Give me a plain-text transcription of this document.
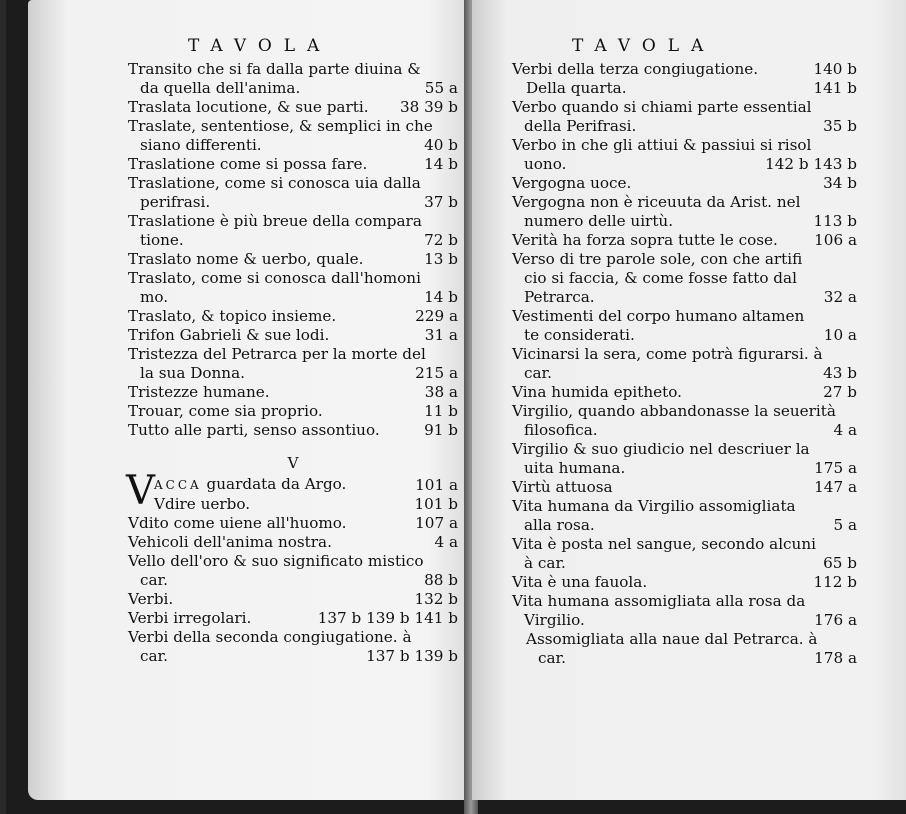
TAVOLA
Transito che si fa dalla parte diuina &
da quella dell'anima.	55 a
Traslata locutione, & sue parti.	38 39 b
Traslate, sententiose, & semplici in che
siano differenti.	40 b
Traslatione come si possa fare.	14 b
Traslatione, come si conosca uia dalla
perifrasi.	37 b
Traslatione è più breue della compara
tione.	72 b
Traslato nome & uerbo, quale.	13 b
Traslato, come si conosca dall'homoni
mo.	14 b
Traslato, & topico insieme.	229 a
Trifon Gabrieli & sue lodi.	31 a
Tristezza del Petrarca per la morte del
la sua Donna.	215 a
Tristezze humane.	38 a
Trouar, come sia proprio.	11 b
Tutto alle parti, senso assontiuo.	91 b
V
V ACCA guardata da Argo.	101 a
Vdire uerbo.	101 b
Vdito come uiene all'huomo.	107 a
Vehicoli dell'anima nostra.	4 a
Vello dell'oro & suo significato mistico
car.	88 b
Verbi.	132 b
Verbi irregolari.	137 b 139 b 141 b
Verbi della seconda congiugatione. à
car.	137 b 139 b
TAVOLA
Verbi della terza congiugatione.	140 b
Della quarta.	141 b
Verbo quando si chiami parte essential
della Perifrasi.	35 b
Verbo in che gli attiui & passiui si risol
uono.	142 b 143 b
Vergogna uoce.	34 b
Vergogna non è riceuuta da Arist. nel
numero delle uirtù.	113 b
Verità ha forza sopra tutte le cose.	106 a
Verso di tre parole sole, con che artifi
cio si faccia, & come fosse fatto dal
Petrarca.	32 a
Vestimenti del corpo humano altamen
te considerati.	10 a
Vicinarsi la sera, come potrà figurarsi. à
car.	43 b
Vina humida epitheto.	27 b
Virgilio, quando abbandonasse la seuerità
filosofica.	4 a
Virgilio & suo giudicio nel descriuer la
uita humana.	175 a
Virtù attuosa	147 a
Vita humana da Virgilio assomigliata
alla rosa.	5 a
Vita è posta nel sangue, secondo alcuni
à car.	65 b
Vita è una fauola.	112 b
Vita humana assomigliata alla rosa da
Virgilio.	176 a
Assomigliata alla naue dal Petrarca. à
car.	178 a
